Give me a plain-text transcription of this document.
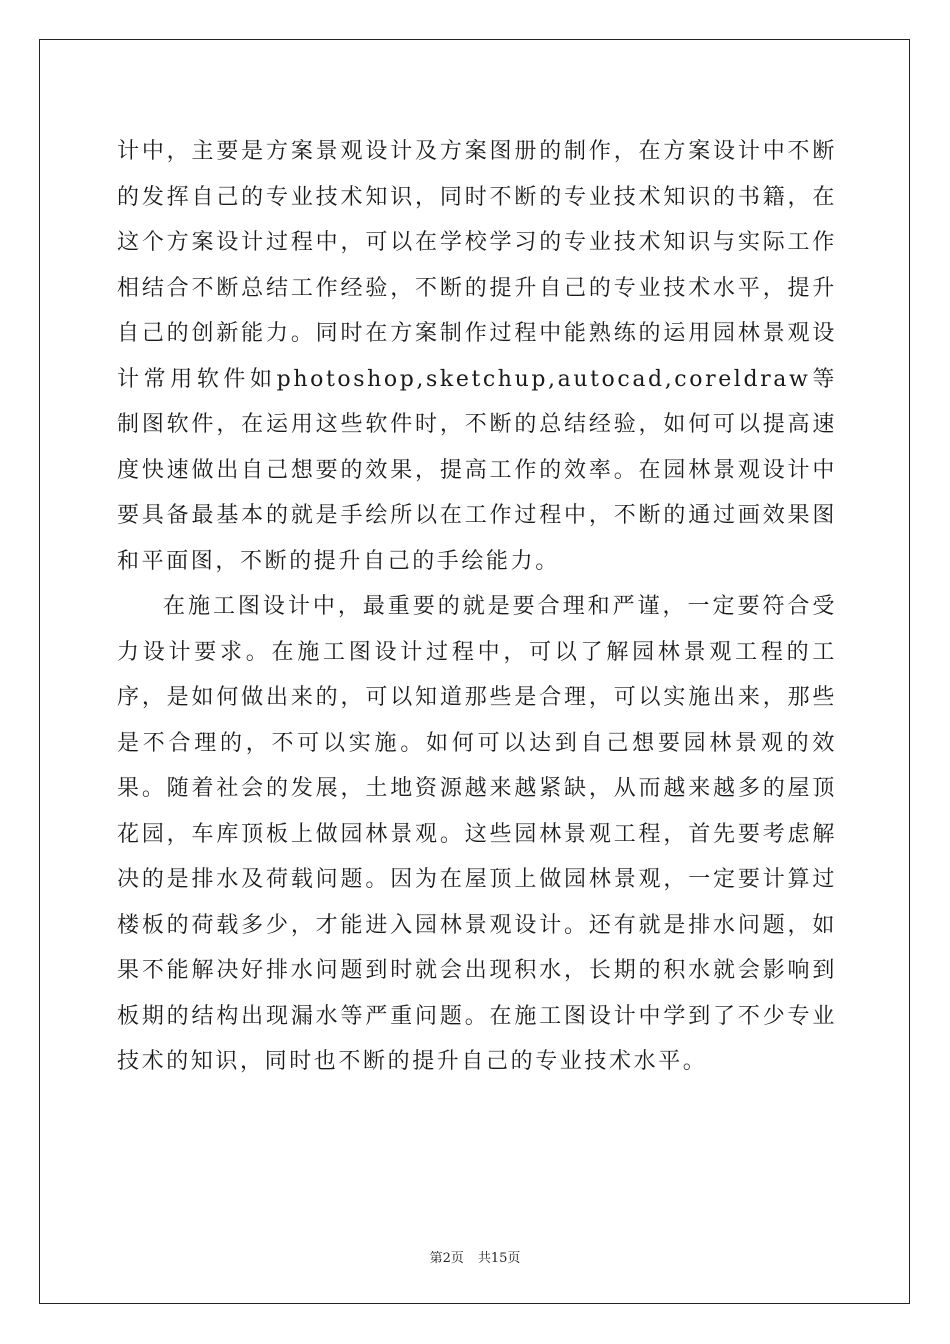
计中，主要是方案景观设计及方案图册的制作，在方案设计中不断的发挥自己的专业技术知识，同时不断的专业技术知识的书籍，在这个方案设计过程中，可以在学校学习的专业技术知识与实际工作相结合不断总结工作经验，不断的提升自己的专业技术水平，提升自己的创新能力。同时在方案制作过程中能熟练的运用园林景观设计常用软件如photoshop,sketchup,autocad,coreldraw等制图软件，在运用这些软件时，不断的总结经验，如何可以提高速度快速做出自己想要的效果，提高工作的效率。在园林景观设计中要具备最基本的就是手绘所以在工作过程中，不断的通过画效果图和平面图，不断的提升自己的手绘能力。

在施工图设计中，最重要的就是要合理和严谨，一定要符合受力设计要求。在施工图设计过程中，可以了解园林景观工程的工序，是如何做出来的，可以知道那些是合理，可以实施出来，那些是不合理的，不可以实施。如何可以达到自己想要园林景观的效果。随着社会的发展，土地资源越来越紧缺，从而越来越多的屋顶花园，车库顶板上做园林景观。这些园林景观工程，首先要考虑解决的是排水及荷载问题。因为在屋顶上做园林景观，一定要计算过楼板的荷载多少，才能进入园林景观设计。还有就是排水问题，如果不能解决好排水问题到时就会出现积水，长期的积水就会影响到板期的结构出现漏水等严重问题。在施工图设计中学到了不少专业技术的知识，同时也不断的提升自己的专业技术水平。

第2页 共15页
